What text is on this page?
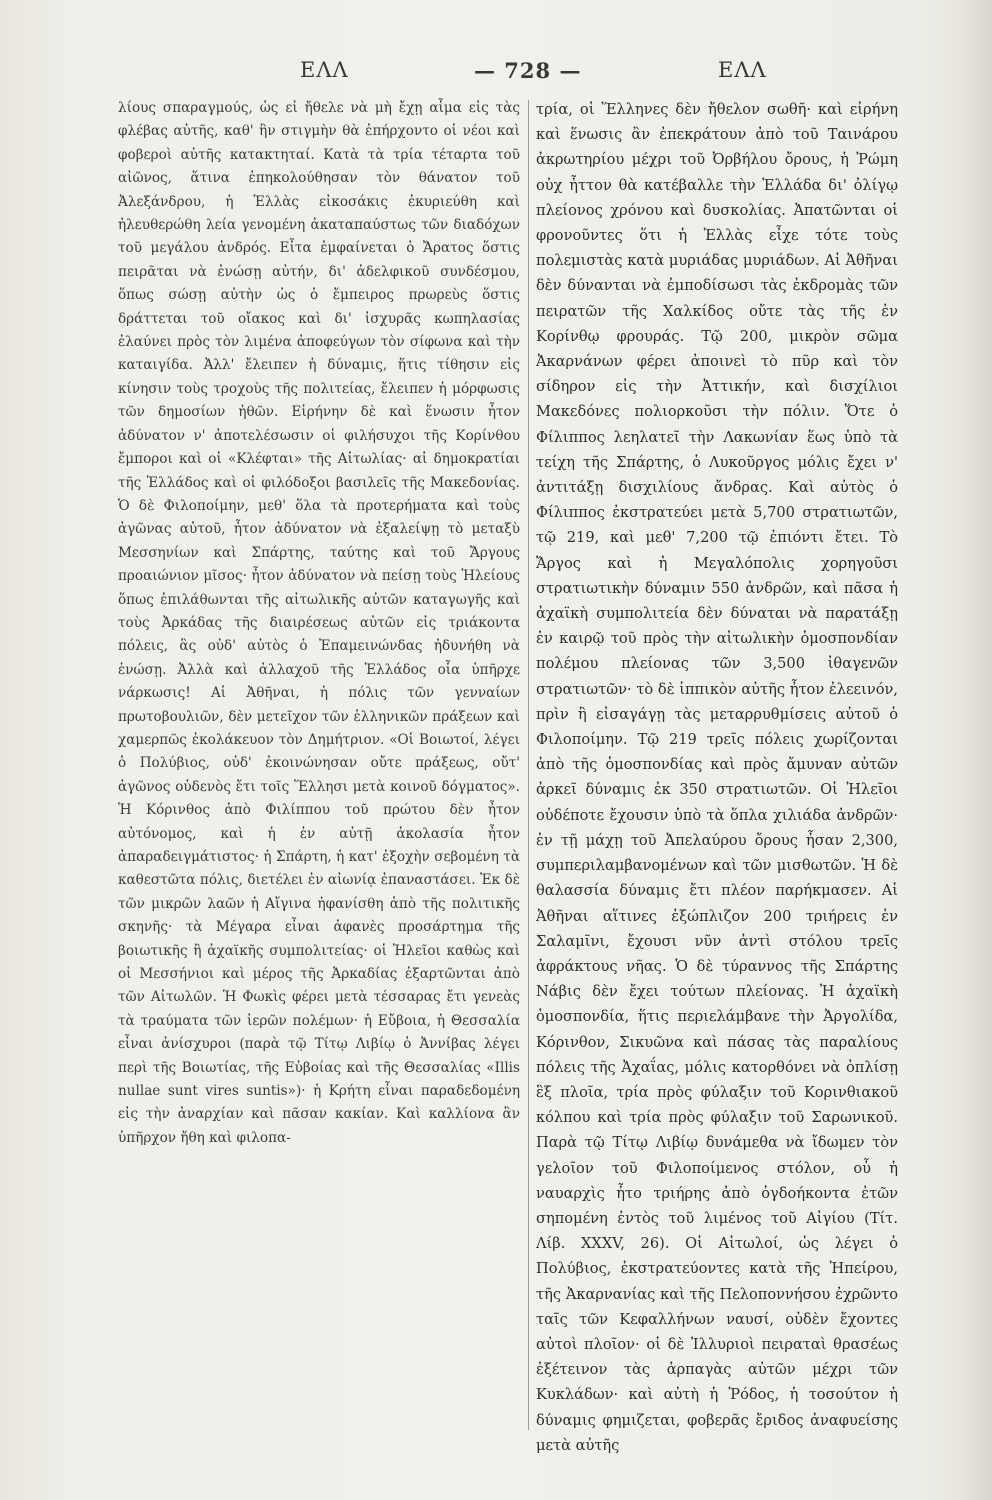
ΕΛΛ	— 728 —	ΕΛΛ

λίους σπαραγμούς, ὡς εἰ ἤθελε νὰ μὴ ἔχῃ αἷμα εἰς τὰς φλέβας αὐτῆς, καθ' ἣν στιγμὴν θὰ ἐπήρχοντο οἱ νέοι καὶ φοβεροὶ αὐτῆς κατακτηταί. Κατὰ τὰ τρία τέταρτα τοῦ αἰῶνος, ἅτινα ἐπηκολούθησαν τὸν θάνατον τοῦ Ἀλεξάνδρου, ἡ Ἑλλὰς εἰκοσάκις ἐκυριεύθη καὶ ἠλευθερώθη λεία γενομένη ἀκαταπαύστως τῶν διαδόχων τοῦ μεγάλου ἀνδρός. Εἶτα ἐμφαίνεται ὁ Ἄρατος ὅστις πειρᾶται νὰ ἑνώσῃ αὐτήν, δι' ἀδελφικοῦ συνδέσμου, ὅπως σώσῃ αὐτὴν ὡς ὁ ἔμπειρος πρωρεὺς ὅστις δράττεται τοῦ οἴακος καὶ δι' ἰσχυρᾶς κωπηλασίας ἐλαύνει πρὸς τὸν λιμένα ἀποφεύγων τὸν σίφωνα καὶ τὴν καταιγίδα. Ἀλλ' ἔλειπεν ἡ δύναμις, ἥτις τίθησιν εἰς κίνησιν τοὺς τροχοὺς τῆς πολιτείας, ἔλειπεν ἡ μόρφωσις τῶν δημοσίων ἠθῶν. Εἰρήνην δὲ καὶ ἕνωσιν ἦτον ἀδύνατον ν' ἀποτελέσωσιν οἱ φιλήσυχοι τῆς Κορίνθου ἔμποροι καὶ οἱ «Κλέφται» τῆς Αἰτωλίας· αἱ δημοκρατίαι τῆς Ἑλλάδος καὶ οἱ φιλόδοξοι βασιλεῖς τῆς Μακεδονίας. Ὁ δὲ Φιλοποίμην, μεθ' ὅλα τὰ προτερήματα καὶ τοὺς ἀγῶνας αὐτοῦ, ἦτον ἀδύνατον νὰ ἐξαλείψῃ τὸ μεταξὺ Μεσσηνίων καὶ Σπάρτης, ταύτης καὶ τοῦ Ἄργους προαιώνιον μῖσος· ἦτον ἀδύνατον νὰ πείσῃ τοὺς Ἠλείους ὅπως ἐπιλάθωνται τῆς αἰτωλικῆς αὐτῶν καταγωγῆς καὶ τοὺς Ἀρκάδας τῆς διαιρέσεως αὐτῶν εἰς τριάκοντα πόλεις, ἃς οὐδ' αὐτὸς ὁ Ἐπαμεινώνδας ἠδυνήθη νὰ ἑνώσῃ. Ἀλλὰ καὶ ἀλλαχοῦ τῆς Ἑλλάδος οἷα ὑπῆρχε νάρκωσις! Αἱ Ἀθῆναι, ἡ πόλις τῶν γενναίων πρωτοβουλιῶν, δὲν μετεῖχον τῶν ἑλληνικῶν πράξεων καὶ χαμερπῶς ἐκολάκευον τὸν Δημήτριον. «Οἱ Βοιωτοί, λέγει ὁ Πολύβιος, οὐδ' ἐκοινώνησαν οὔτε πράξεως, οὔτ' ἀγῶνος οὐδενὸς ἔτι τοῖς Ἕλλησι μετὰ κοινοῦ δόγματος». Ἡ Κόρινθος ἀπὸ Φιλίππου τοῦ πρώτου δὲν ἦτον αὐτόνομος, καὶ ἡ ἐν αὐτῇ ἀκολασία ἦτον ἀπαραδειγμάτιστος· ἡ Σπάρτη, ἡ κατ' ἐξοχὴν σεβομένη τὰ καθεστῶτα πόλις, διετέλει ἐν αἰωνίᾳ ἐπαναστάσει. Ἐκ δὲ τῶν μικρῶν λαῶν ἡ Αἴγινα ἠφανίσθη ἀπὸ τῆς πολιτικῆς σκηνῆς· τὰ Μέγαρα εἶναι ἀφανὲς προσάρτημα τῆς βοιωτικῆς ἢ ἀχαϊκῆς συμπολιτείας· οἱ Ἠλεῖοι καθὼς καὶ οἱ Μεσσήνιοι καὶ μέρος τῆς Ἀρκαδίας ἐξαρτῶνται ἀπὸ τῶν Αἰτωλῶν. Ἡ Φωκὶς φέρει μετὰ τέσσαρας ἔτι γενεὰς τὰ τραύματα τῶν ἱερῶν πολέμων· ἡ Εὔβοια, ἡ Θεσσαλία εἶναι ἀνίσχυροι (παρὰ τῷ Τίτῳ Λιβίῳ ὁ Ἀννίβας λέγει περὶ τῆς Βοιωτίας, τῆς Εὐβοίας καὶ τῆς Θεσσαλίας «Illis nullae sunt vires suntis»)· ἡ Κρήτη εἶναι παραδεδομένη εἰς τὴν ἀναρχίαν καὶ πᾶσαν κακίαν. Καὶ καλλίονα ἂν ὑπῆρχον ἤθη καὶ φιλοπα-

τρία, οἱ Ἕλληνες δὲν ἤθελον σωθῆ· καὶ εἰρήνη καὶ ἕνωσις ἂν ἐπεκράτουν ἀπὸ τοῦ Ταινάρου ἀκρωτηρίου μέχρι τοῦ Ὀρβήλου ὄρους, ἡ Ῥώμη οὐχ ἧττον θὰ κατέβαλλε τὴν Ἑλλάδα δι' ὀλίγῳ πλείονος χρόνου καὶ δυσκολίας. Ἀπατῶνται οἱ φρονοῦντες ὅτι ἡ Ἑλλὰς εἶχε τότε τοὺς πολεμιστὰς κατὰ μυριάδας μυριάδων. Αἱ Ἀθῆναι δὲν δύνανται νὰ ἐμποδίσωσι τὰς ἐκδρομὰς τῶν πειρατῶν τῆς Χαλκίδος οὔτε τὰς τῆς ἐν Κορίνθῳ φρουράς. Τῷ 200, μικρὸν σῶμα Ἀκαρνάνων φέρει ἀποινεὶ τὸ πῦρ καὶ τὸν σίδηρον εἰς τὴν Ἀττικήν, καὶ δισχίλιοι Μακεδόνες πολιορκοῦσι τὴν πόλιν. Ὅτε ὁ Φίλιππος λεηλατεῖ τὴν Λακωνίαν ἕως ὑπὸ τὰ τείχη τῆς Σπάρτης, ὁ Λυκοῦργος μόλις ἔχει ν' ἀντιτάξῃ δισχιλίους ἄνδρας. Καὶ αὐτὸς ὁ Φίλιππος ἐκστρατεύει μετὰ 5,700 στρατιωτῶν, τῷ 219, καὶ μεθ' 7,200 τῷ ἐπιόντι ἔτει. Τὸ Ἄργος καὶ ἡ Μεγαλόπολις χορηγοῦσι στρατιωτικὴν δύναμιν 550 ἀνδρῶν, καὶ πᾶσα ἡ ἀχαϊκὴ συμπολιτεία δὲν δύναται νὰ παρατάξῃ ἐν καιρῷ τοῦ πρὸς τὴν αἰτωλικὴν ὁμοσπονδίαν πολέμου πλείονας τῶν 3,500 ἰθαγενῶν στρατιωτῶν· τὸ δὲ ἱππικὸν αὐτῆς ἦτον ἐλεεινόν, πρὶν ἢ εἰσαγάγῃ τὰς μεταρρυθμίσεις αὐτοῦ ὁ Φιλοποίμην. Τῷ 219 τρεῖς πόλεις χωρίζονται ἀπὸ τῆς ὁμοσπονδίας καὶ πρὸς ἄμυναν αὐτῶν ἀρκεῖ δύναμις ἐκ 350 στρατιωτῶν. Οἱ Ἠλεῖοι οὐδέποτε ἔχουσιν ὑπὸ τὰ ὅπλα χιλιάδα ἀνδρῶν· ἐν τῇ μάχῃ τοῦ Ἀπελαύρου ὄρους ἦσαν 2,300, συμπεριλαμβανομένων καὶ τῶν μισθωτῶν. Ἡ δὲ θαλασσία δύναμις ἔτι πλέον παρήκμασεν. Αἱ Ἀθῆναι αἵτινες ἐξώπλιζον 200 τριήρεις ἐν Σαλαμῖνι, ἔχουσι νῦν ἀντὶ στόλου τρεῖς ἀφράκτους νῆας. Ὁ δὲ τύραννος τῆς Σπάρτης Νάβις δὲν ἔχει τούτων πλείονας. Ἡ ἀχαϊκὴ ὁμοσπονδία, ἥτις περιελάμβανε τὴν Ἀργολίδα, Κόρινθον, Σικυῶνα καὶ πάσας τὰς παραλίους πόλεις τῆς Ἀχαΐας, μόλις κατορθόνει νὰ ὁπλίσῃ ἓξ πλοῖα, τρία πρὸς φύλαξιν τοῦ Κορινθιακοῦ κόλπου καὶ τρία πρὸς φύλαξιν τοῦ Σαρωνικοῦ. Παρὰ τῷ Τίτῳ Λιβίῳ δυνάμεθα νὰ ἴδωμεν τὸν γελοῖον τοῦ Φιλοποίμενος στόλον, οὗ ἡ ναυαρχὶς ἦτο τριήρης ἀπὸ ὀγδοήκοντα ἐτῶν σηπομένη ἐντὸς τοῦ λιμένος τοῦ Αἰγίου (Τίτ. Λίβ. XXXV, 26). Οἱ Αἰτωλοί, ὡς λέγει ὁ Πολύβιος, ἐκστρατεύοντες κατὰ τῆς Ἠπείρου, τῆς Ἀκαρνανίας καὶ τῆς Πελοποννήσου ἐχρῶντο ταῖς τῶν Κεφαλλήνων ναυσί, οὐδὲν ἔχοντες αὐτοὶ πλοῖον· οἱ δὲ Ἰλλυριοὶ πειραταὶ θρασέως ἐξέτεινον τὰς ἁρπαγὰς αὐτῶν μέχρι τῶν Κυκλάδων· καὶ αὐτὴ ἡ Ῥόδος, ἡ τοσούτον ἡ δύναμις φημιζεται, φοβερᾶς ἔριδος ἀναφυείσης μετὰ αὐτῆς
